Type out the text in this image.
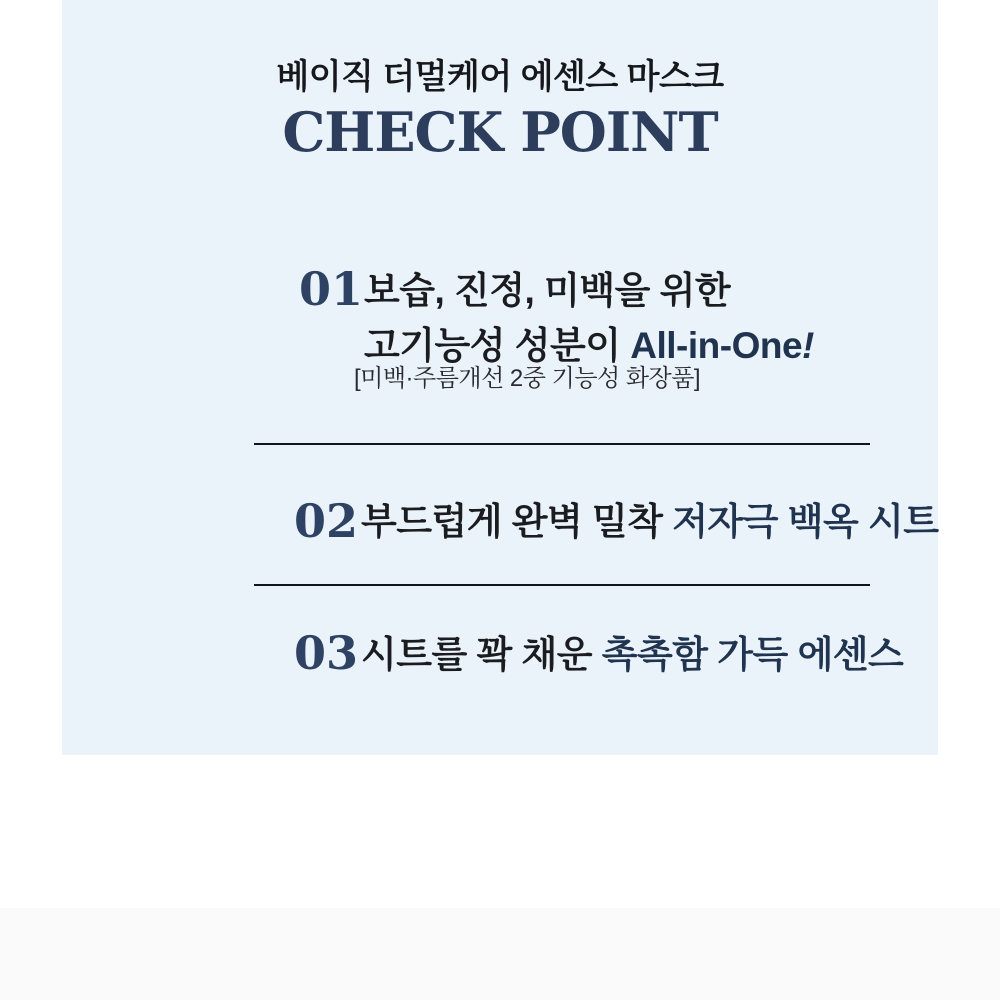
베이직 더멀케어 에센스 마스크
CHECK POINT
01 보습, 진정, 미백을 위한
고기능성 성분이 All-in-One!
[미백·주름개선 2중 기능성 화장품]
02 부드럽게 완벽 밀착 저자극 백옥 시트
03 시트를 꽉 채운 촉촉함 가득 에센스
